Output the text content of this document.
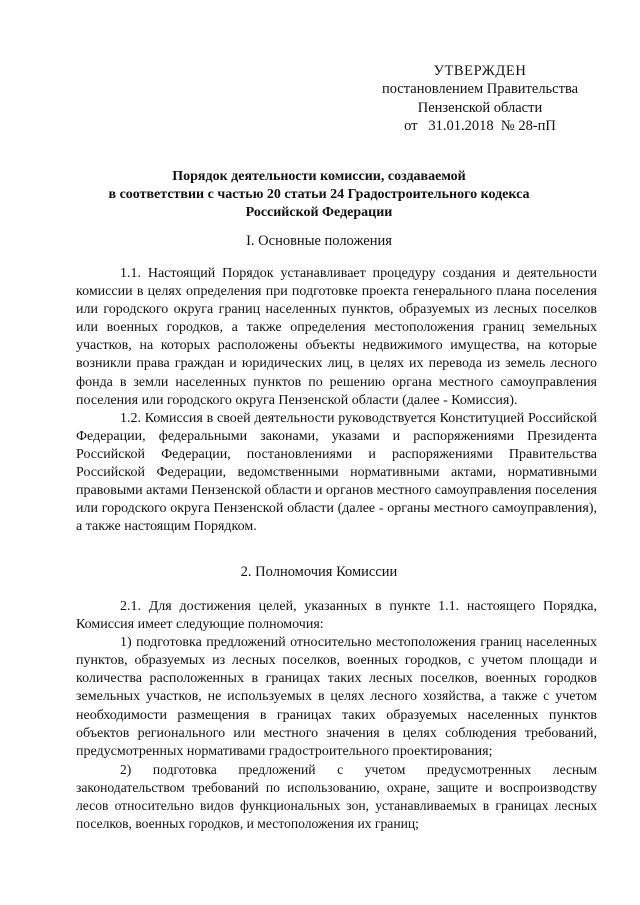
УТВЕРЖДЕН
постановлением Правительства
Пензенской области
от   31.01.2018  № 28-пП
Порядок деятельности комиссии, создаваемой
в соответствии с частью 20 статьи 24 Градостроительного кодекса
Российской Федерации
I. Основные положения

1.1. Настоящий Порядок устанавливает процедуру создания и деятельности комиссии в целях определения при подготовке проекта генерального плана поселения или городского округа границ населенных пунктов, образуемых из лесных поселков или военных городков, а также определения местоположения границ земельных участков, на которых расположены объекты недвижимого имущества, на которые возникли права граждан и юридических лиц, в целях их перевода из земель лесного фонда в земли населенных пунктов по решению органа местного самоуправления поселения или городского округа Пензенской области (далее - Комиссия).

1.2. Комиссия в своей деятельности руководствуется Конституцией Российской Федерации, федеральными законами, указами и распоряжениями Президента Российской Федерации, постановлениями и распоряжениями Правительства Российской Федерации, ведомственными нормативными актами, нормативными правовыми актами Пензенской области и органов местного самоуправления поселения или городского округа Пензенской области (далее - органы местного самоуправления), а также настоящим Порядком.

2. Полномочия Комиссии

2.1. Для достижения целей, указанных в пункте 1.1. настоящего Порядка, Комиссия имеет следующие полномочия:

1) подготовка предложений относительно местоположения границ населенных пунктов, образуемых из лесных поселков, военных городков, с учетом площади и количества расположенных в границах таких лесных поселков, военных городков земельных участков, не используемых в целях лесного хозяйства, а также с учетом необходимости размещения в границах таких образуемых населенных пунктов объектов регионального или местного значения в целях соблюдения требований, предусмотренных нормативами градостроительного проектирования;

2) подготовка предложений с учетом предусмотренных лесным законодательством требований по использованию, охране, защите и воспроизводству лесов относительно видов функциональных зон, устанавливаемых в границах лесных поселков, военных городков, и местоположения их границ;
